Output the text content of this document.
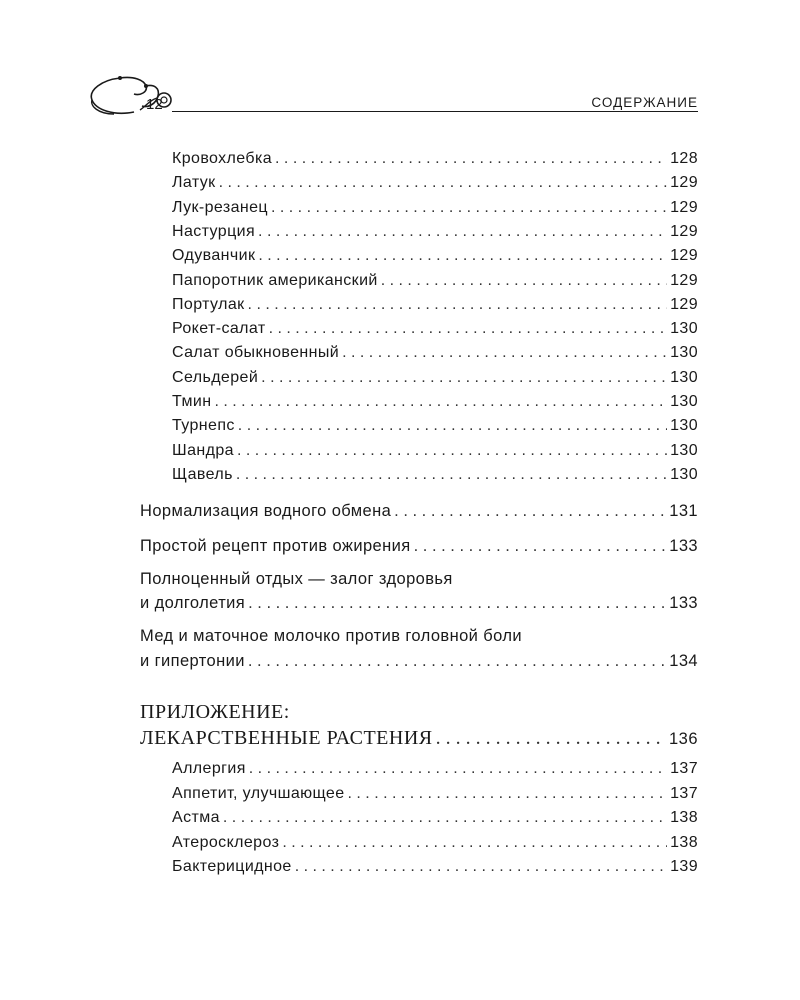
12	СОДЕРЖАНИЕ
Кровохлебка . . .	128
Латук . . .	129
Лук-резанец . . .	129
Настурция . . .	129
Одуванчик . . .	129
Папоротник американский . . .	129
Портулак . . .	129
Рокет-салат . . .	130
Салат обыкновенный . . .	130
Сельдерей . . .	130
Тмин . . .	130
Турнепс . . .	130
Шандра . . .	130
Щавель . . .	130
Нормализация водного обмена . . .	131
Простой рецепт против ожирения . . .	133
Полноценный отдых — залог здоровья
и долголетия . . .	133
Мед и маточное молочко против головной боли
и гипертонии . . .	134
ПРИЛОЖЕНИЕ:
ЛЕКАРСТВЕННЫЕ РАСТЕНИЯ . . .	136
Аллергия . . .	137
Аппетит, улучшающее . . .	137
Астма . . .	138
Атеросклероз . . .	138
Бактерицидное . . .	139
